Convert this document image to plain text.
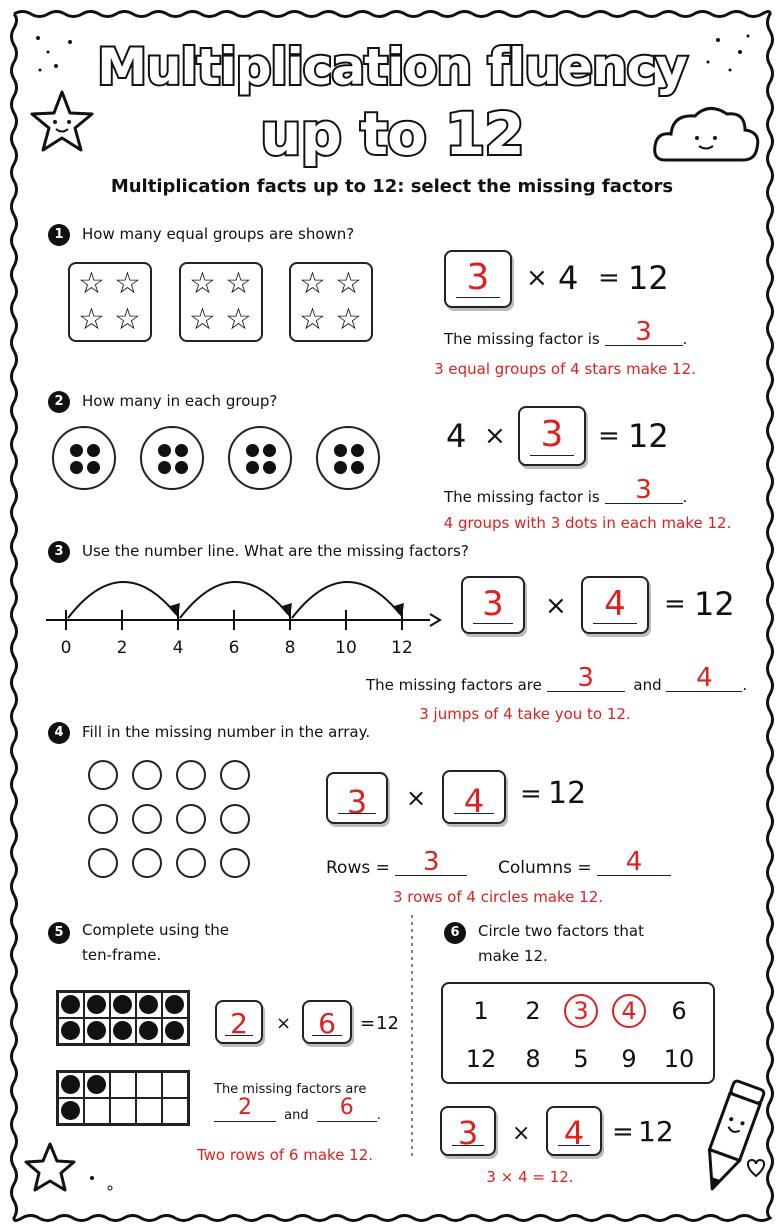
Multiplication fluency
up to 12
Multiplication facts up to 12: select the missing factors
1	How many equal groups are shown?
☆ ☆
☆ ☆
☆ ☆
☆ ☆
☆ ☆
☆ ☆
3	× 4 = 12
The missing factor is	3	.
3 equal groups of 4 stars make 12.
2	How many in each group?
4 × 3	= 12
The missing factor is	3	.
4 groups with 3 dots in each make 12.
3	Use the number line. What are the missing factors?
0	2	4	6	8	10	12
3	×	4	= 12
The missing factors are	3	and	4	.
3 jumps of 4 take you to 12.
4	Fill in the missing number in the array.
3	×	4	= 12
Rows =	3	Columns =	4
3 rows of 4 circles make 12.
5	Complete using the
ten-frame.
2	× 6	= 12
The missing factors are
2	and	6	.
Two rows of 6 make 12.
6	Circle two factors that
make 12.
1	2	3	4	6
12	8	5	9	10
3	×	4	= 12
3 × 4 = 12.
